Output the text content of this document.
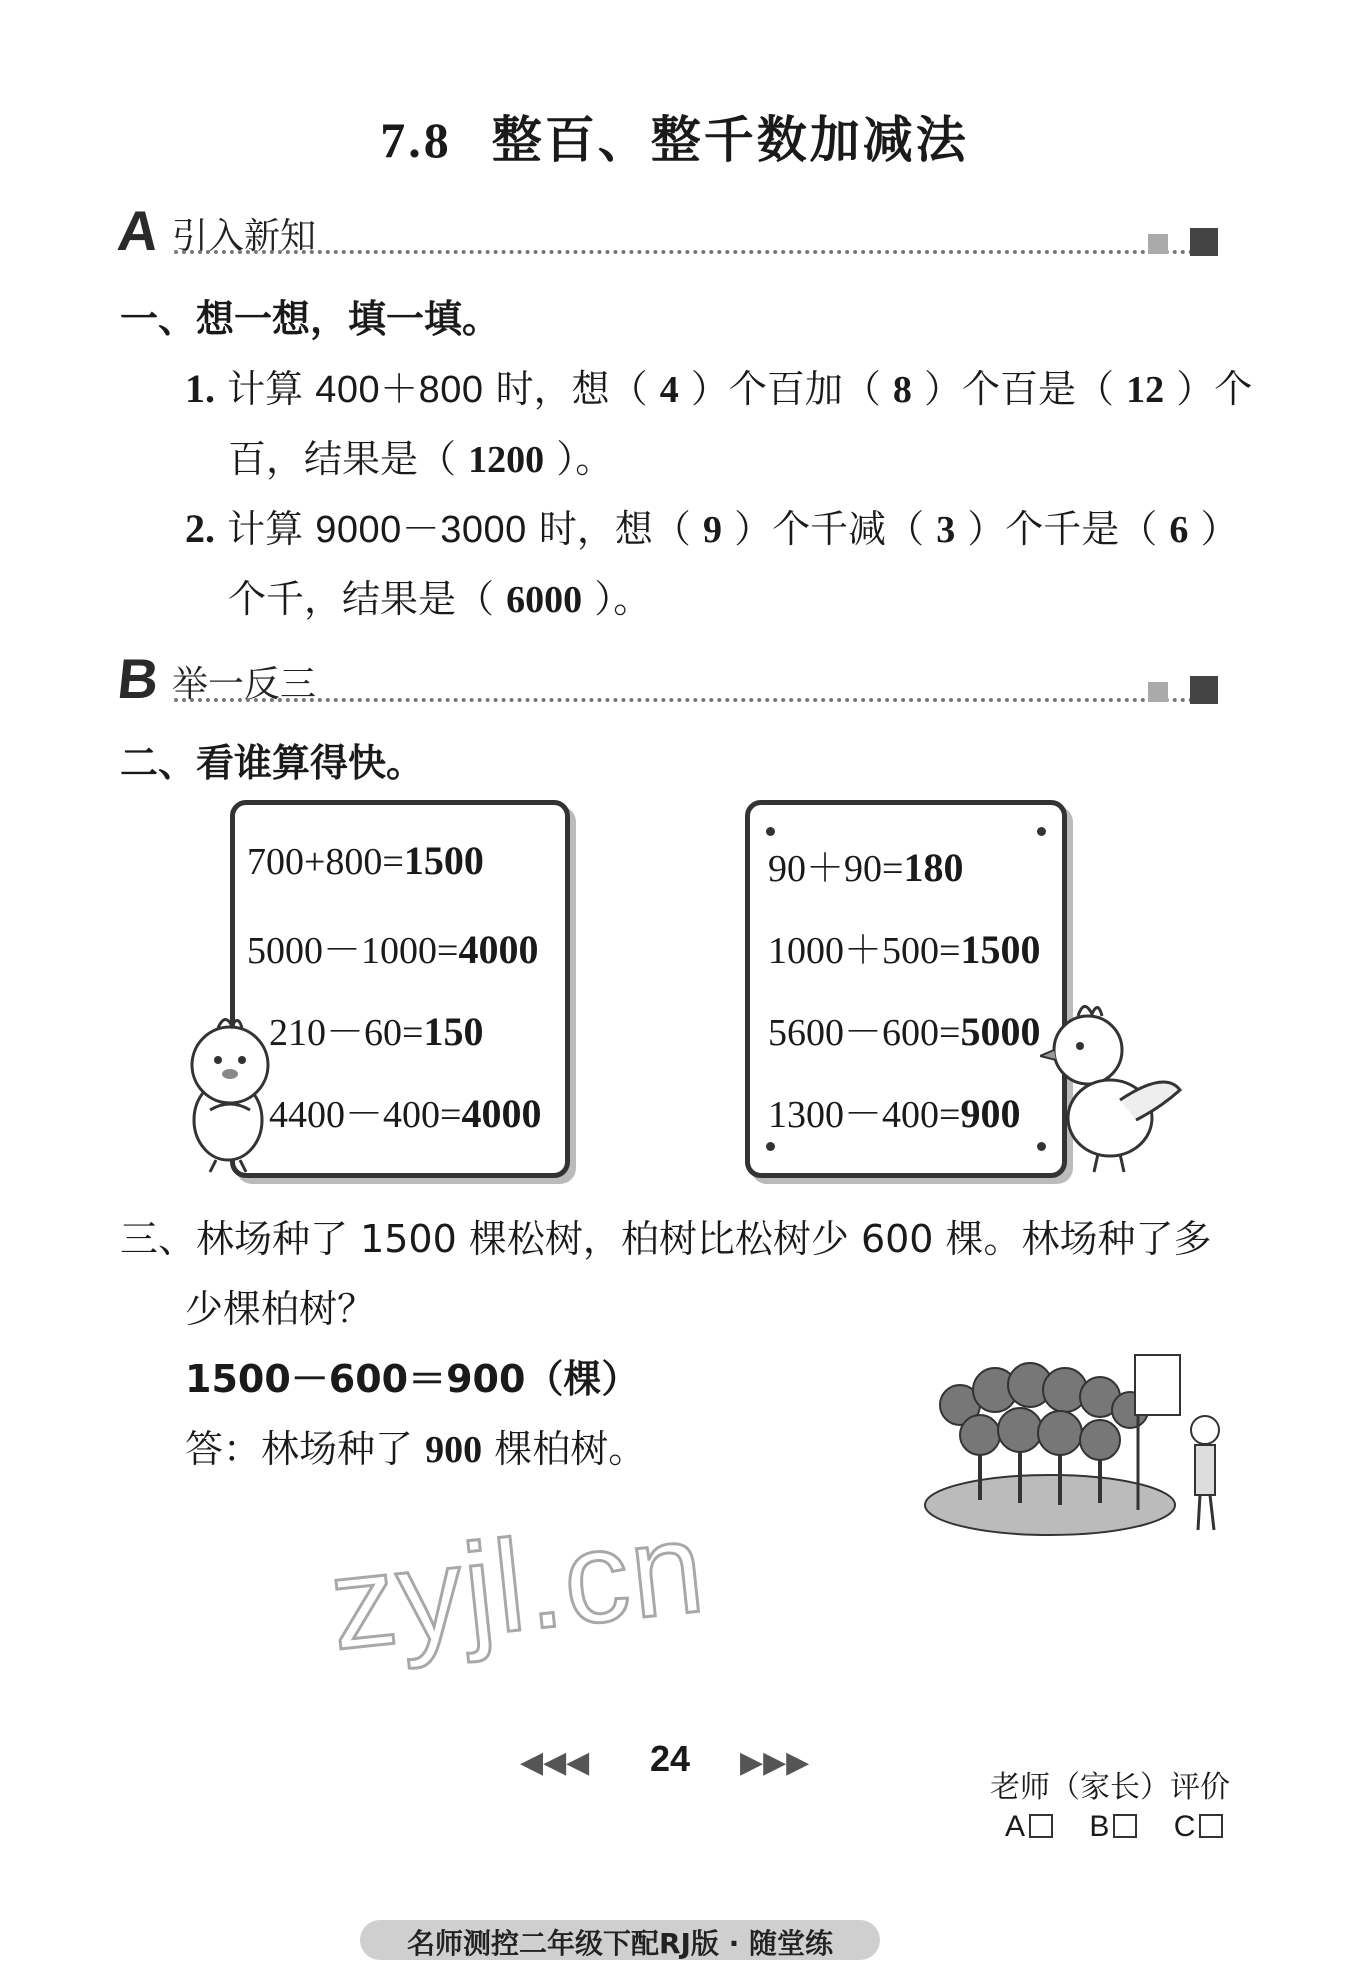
7.8 整百、整千数加减法
A 引入新知
一、想一想，填一填。
1. 计算 400＋800 时，想（ 4 ）个百加（ 8 ）个百是（ 12 ）个
百，结果是（ 1200 ）。
2. 计算 9000－3000 时，想（ 9 ）个千减（ 3 ）个千是（ 6 ）
个千，结果是（ 6000 ）。
B 举一反三
二、看谁算得快。
700+800=1500
5000－1000=4000
210－60=150
4400－400=4000
90＋90=180
1000＋500=1500
5600－600=5000
1300－400=900
三、林场种了 1500 棵松树，柏树比松树少 600 棵。林场种了多
少棵柏树？
1500－600＝900（棵）
答：林场种了 900 棵柏树。
zyjl.cn
◀◀◀ 24 ▶▶▶
老师（家长）评价
A B C
名师测控二年级下配RJ版 · 随堂练
